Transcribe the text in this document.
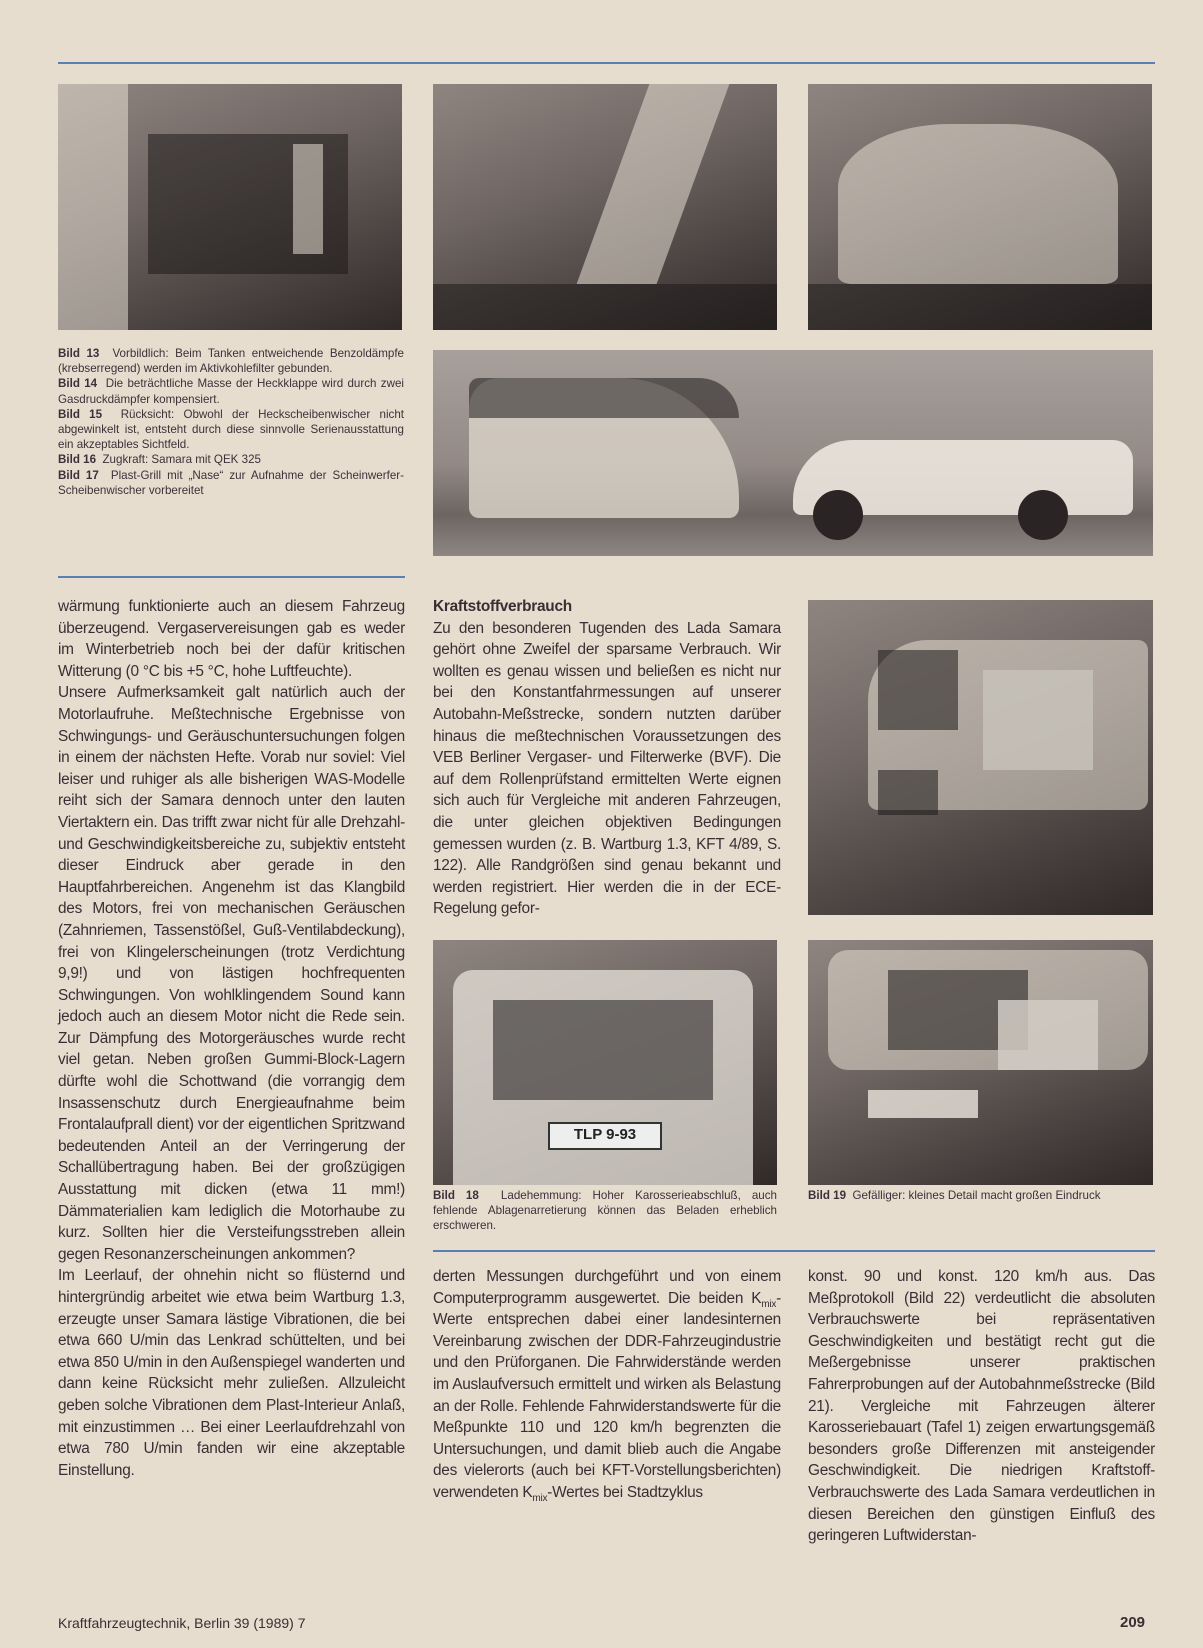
Bild 13 Vorbildlich: Beim Tanken entweichende Benzoldämpfe (krebserregend) werden im Aktivkohlefilter gebunden.
Bild 14 Die beträchtliche Masse der Heckklappe wird durch zwei Gasdruckdämpfer kompensiert.
Bild 15 Rücksicht: Obwohl der Heckscheibenwischer nicht abgewinkelt ist, entsteht durch diese sinnvolle Serienausstattung ein akzeptables Sichtfeld.
Bild 16 Zugkraft: Samara mit QEK 325
Bild 17 Plast-Grill mit „Nase“ zur Aufnahme der Scheinwerfer-Scheibenwischer vorbereitet

wärmung funktionierte auch an diesem Fahrzeug überzeugend. Vergaservereisungen gab es weder im Winterbetrieb noch bei der dafür kritischen Witterung (0 °C bis +5 °C, hohe Luftfeuchte).

Unsere Aufmerksamkeit galt natürlich auch der Motorlaufruhe. Meßtechnische Ergebnisse von Schwingungs- und Geräuschuntersuchungen folgen in einem der nächsten Hefte. Vorab nur soviel: Viel leiser und ruhiger als alle bisherigen WAS-Modelle reiht sich der Samara dennoch unter den lauten Viertaktern ein. Das trifft zwar nicht für alle Drehzahl- und Geschwindigkeitsbereiche zu, subjektiv entsteht dieser Eindruck aber gerade in den Hauptfahrbereichen. Angenehm ist das Klangbild des Motors, frei von mechanischen Geräuschen (Zahnriemen, Tassenstößel, Guß-Ventilabdeckung), frei von Klingelerscheinungen (trotz Verdichtung 9,9!) und von lästigen hochfrequenten Schwingungen. Von wohlklingendem Sound kann jedoch auch an diesem Motor nicht die Rede sein. Zur Dämpfung des Motorgeräusches wurde recht viel getan. Neben großen Gummi-Block-Lagern dürfte wohl die Schottwand (die vorrangig dem Insassenschutz durch Energieaufnahme beim Frontalaufprall dient) vor der eigentlichen Spritzwand bedeutenden Anteil an der Verringerung der Schallübertragung haben. Bei der großzügigen Ausstattung mit dicken (etwa 11 mm!) Dämmaterialien kam lediglich die Motorhaube zu kurz. Sollten hier die Versteifungsstreben allein gegen Resonanzerscheinungen ankommen?

Im Leerlauf, der ohnehin nicht so flüsternd und hintergründig arbeitet wie etwa beim Wartburg 1.3, erzeugte unser Samara lästige Vibrationen, die bei etwa 660 U/min das Lenkrad schüttelten, und bei etwa 850 U/min in den Außenspiegel wanderten und dann keine Rücksicht mehr zuließen. Allzuleicht geben solche Vibrationen dem Plast-Interieur Anlaß, mit einzustimmen … Bei einer Leerlaufdrehzahl von etwa 780 U/min fanden wir eine akzeptable Einstellung.

Kraftstoffverbrauch

Zu den besonderen Tugenden des Lada Samara gehört ohne Zweifel der sparsame Verbrauch. Wir wollten es genau wissen und beließen es nicht nur bei den Konstantfahrmessungen auf unserer Autobahn-Meßstrecke, sondern nutzten darüber hinaus die meßtechnischen Voraussetzungen des VEB Berliner Vergaser- und Filterwerke (BVF). Die auf dem Rollenprüfstand ermittelten Werte eignen sich auch für Vergleiche mit anderen Fahrzeugen, die unter gleichen objektiven Bedingungen gemessen wurden (z. B. Wartburg 1.3, KFT 4/89, S. 122). Alle Randgrößen sind genau bekannt und werden registriert. Hier werden die in der ECE-Regelung gefor-

TLP 9-93
Bild 18 Ladehemmung: Hoher Karosserieabschluß, auch fehlende Ablagenarretierung können das Beladen erheblich erschweren.
Bild 19 Gefälliger: kleines Detail macht großen Eindruck

derten Messungen durchgeführt und von einem Computerprogramm ausgewertet. Die beiden $K_{mix}$-Werte entsprechen dabei einer landesinternen Vereinbarung zwischen der DDR-Fahrzeugindustrie und den Prüforganen. Die Fahrwiderstände werden im Auslaufversuch ermittelt und wirken als Belastung an der Rolle. Fehlende Fahrwiderstandswerte für die Meßpunkte 110 und 120 km/h begrenzten die Untersuchungen, und damit blieb auch die Angabe des vielerorts (auch bei KFT-Vorstellungsberichten) verwendeten $K_{mix}$-Wertes bei Stadtzyklus

konst. 90 und konst. 120 km/h aus. Das Meßprotokoll (Bild 22) verdeutlicht die absoluten Verbrauchswerte bei repräsentativen Geschwindigkeiten und bestätigt recht gut die Meßergebnisse unserer praktischen Fahrerprobungen auf der Autobahnmeßstrecke (Bild 21). Vergleiche mit Fahrzeugen älterer Karosseriebauart (Tafel 1) zeigen erwartungsgemäß besonders große Differenzen mit ansteigender Geschwindigkeit. Die niedrigen Kraftstoff-Verbrauchswerte des Lada Samara verdeutlichen in diesen Bereichen den günstigen Einfluß des geringeren Luftwiderstan-

Kraftfahrzeugtechnik, Berlin 39 (1989) 7	209
